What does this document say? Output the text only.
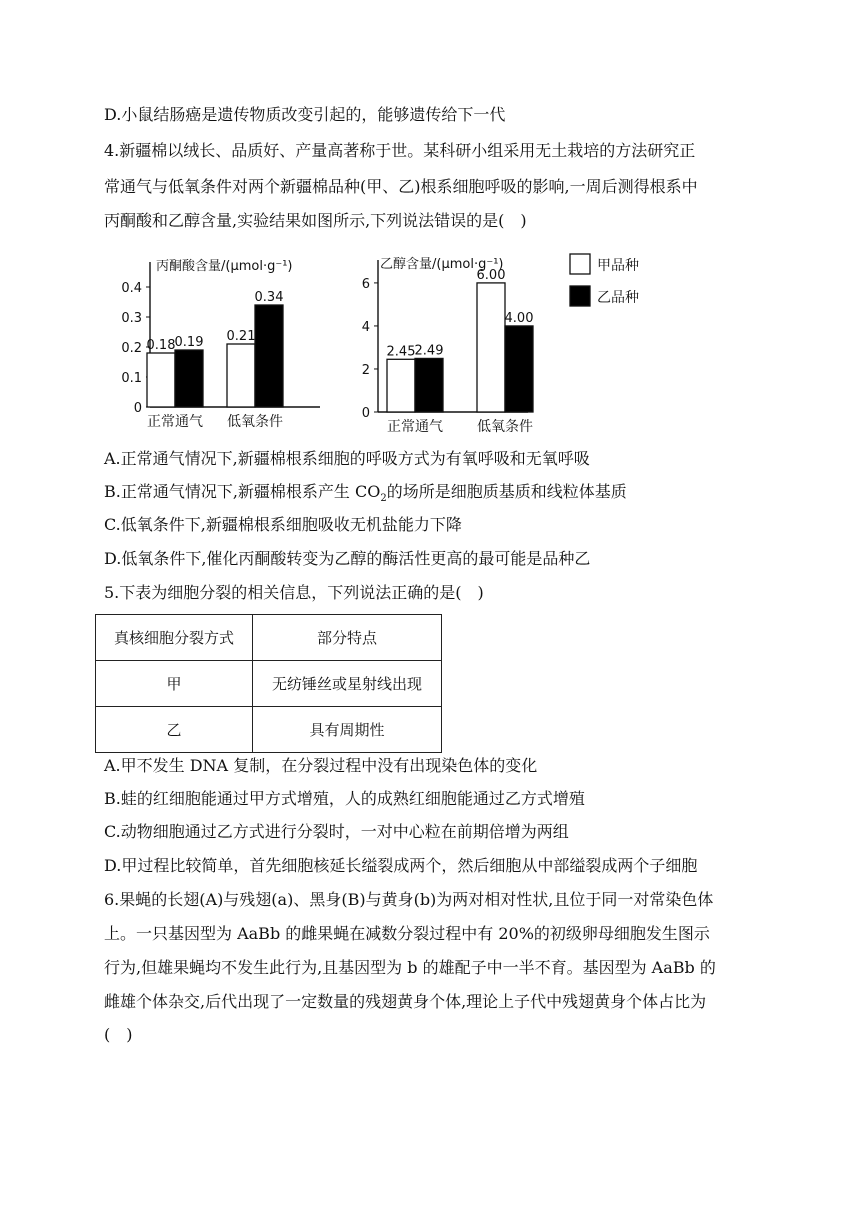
D.小鼠结肠癌是遗传物质改变引起的，能够遗传给下一代
4.新疆棉以绒长、品质好、产量高著称于世。某科研小组采用无土栽培的方法研究正
常通气与低氧条件对两个新疆棉品种(甲、乙)根系细胞呼吸的影响,一周后测得根系中
丙酮酸和乙醇含量,实验结果如图所示,下列说法错误的是(　)
丙酮酸含量/(μmol·g⁻¹)
0
0.1
0.2
0.3
0.4
0.18 0.19
正常通气
0.21
0.34
低氧条件
乙醇含量/(μmol·g⁻¹)
0
2
4
6
2.45 2.49
正常通气
6.00
4.00
低氧条件
甲品种
乙品种
A.正常通气情况下,新疆棉根系细胞的呼吸方式为有氧呼吸和无氧呼吸
B.正常通气情况下,新疆棉根系产生 $CO_2$的场所是细胞质基质和线粒体基质
C.低氧条件下,新疆棉根系细胞吸收无机盐能力下降
D.低氧条件下,催化丙酮酸转变为乙醇的酶活性更高的最可能是品种乙
5.下表为细胞分裂的相关信息，下列说法正确的是(　)
真核细胞分裂方式	部分特点
甲	无纺锤丝或星射线出现
乙	具有周期性
A.甲不发生 DNA 复制，在分裂过程中没有出现染色体的变化
B.蛙的红细胞能通过甲方式增殖，人的成熟红细胞能通过乙方式增殖
C.动物细胞通过乙方式进行分裂时，一对中心粒在前期倍增为两组
D.甲过程比较简单，首先细胞核延长缢裂成两个，然后细胞从中部缢裂成两个子细胞
6.果蝇的长翅(A)与残翅(a)、黑身(B)与黄身(b)为两对相对性状,且位于同一对常染色体
上。一只基因型为 AaBb 的雌果蝇在减数分裂过程中有 20%的初级卵母细胞发生图示
行为,但雄果蝇均不发生此行为,且基因型为 b 的雄配子中一半不育。基因型为 AaBb 的
雌雄个体杂交,后代出现了一定数量的残翅黄身个体,理论上子代中残翅黄身个体占比为
(　)
